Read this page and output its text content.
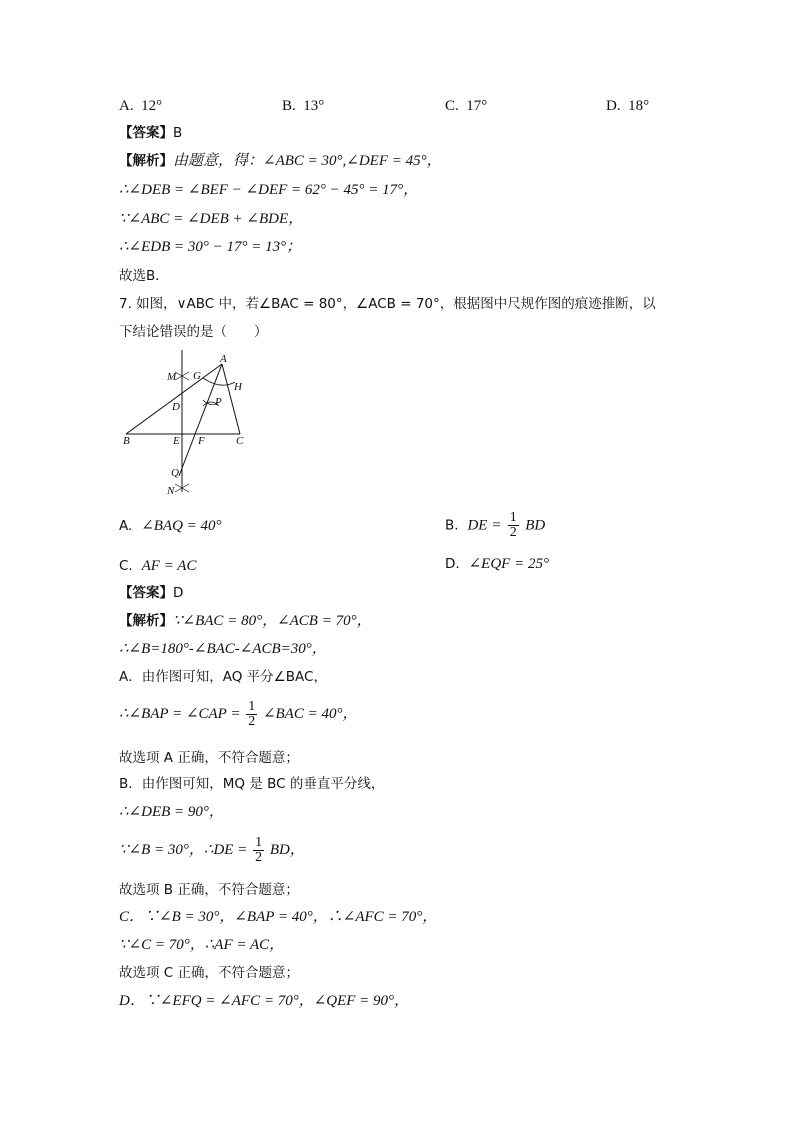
A. 12°	B. 13°	C. 17°	D. 18°
【答案】B
【解析】由题意，得：∠ABC = 30°,∠DEF = 45°，
∴∠DEB = ∠BEF − ∠DEF = 62° − 45° = 17°，
∵∠ABC = ∠DEB + ∠BDE，
∴∠EDB = 30° − 17° = 13°；
故选B．
7. 如图，∨ABC 中，若∠BAC = 80°，∠ACB = 70°，根据图中尺规作图的痕迹推断，以
下结论错误的是（　　）
A
M G
H
D	P
B	E F	C
Q
N
A. ∠BAQ = 40°	B. DE = $\frac{1}{2}$ BD
C. AF = AC	D. ∠EQF = 25°
【答案】D
【解析】∵∠BAC = 80°，∠ACB = 70°，
∴∠B=180°-∠BAC-∠ACB=30°，
A．由作图可知，AQ 平分∠BAC，
∴∠BAP = ∠CAP = $\frac{1}{2}$ ∠BAC = 40°，
故选项 A 正确，不符合题意；
B．由作图可知，MQ 是 BC 的垂直平分线，
∴∠DEB = 90°，
∵∠B = 30°，∴DE = $\frac{1}{2}$ BD，
故选项 B 正确，不符合题意；
C．∵∠B = 30°，∠BAP = 40°，∴∠AFC = 70°，
∵∠C = 70°，∴AF = AC，
故选项 C 正确，不符合题意；
D．∵∠EFQ = ∠AFC = 70°，∠QEF = 90°，
